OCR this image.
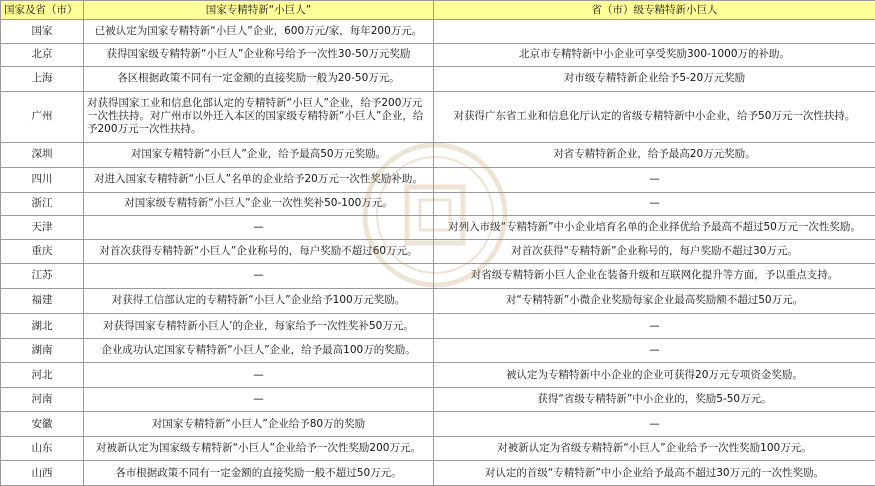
国家及省（市）	国家专精特新“小巨人”	省（市）级专精特新小巨人
国家	已被认定为国家专精特新“小巨人”企业，600万元/家，每年200万元。	
北京	获得国家级专精特新“小巨人”企业称号给予一次性30-50万元奖励	北京市专精特新中小企业可享受奖励300-1000万的补助。
上海	各区根据政策不同有一定金额的直接奖励一般为20-50万元。	对市级专精特新企业给予5-20万元奖励
广州	对获得国家工业和信息化部认定的专精特新“小巨人”企业，给予200万元一次性扶持。对广州市以外迁入本区的国家级专精特新“小巨人”企业，给予200万元一次性扶持。	对获得广东省工业和信息化厅认定的省级专精特新中小企业，给予50万元一次性扶持。
深圳	对国家专精特新“小巨人”企业，给予最高50万元奖励。	对省专精特新企业，给予最高20万元奖励。
四川	对进入国家专精特新“小巨人”名单的企业给予20万元一次性奖励补助。	—
浙江	对国家级专精特新“小巨人”企业一次性奖补50-100万元。	—
天津	—	对列入市级“专精特新”中小企业培育名单的企业择优给予最高不超过50万元一次性奖励。
重庆	对首次获得专精特新“小巨人”企业称号的，每户奖励不超过60万元。	对首次获得“专精特新”企业称号的，每户奖励不超过30万元。
江苏	—	对省级专精特新小巨人企业在装备升级和互联网化提升等方面，予以重点支持。
福建	对获得工信部认定的专精特新“小巨人”企业给予100万元奖励。	对“专精特新”小微企业奖励每家企业最高奖励额不超过50万元。
湖北	对获得国家专精特新小巨人’的企业，每家给予一次性奖补50万元。	—
湖南	企业成功认定国家专精特新“小巨人”企业，给予最高100万的奖励。	—
河北	—	被认定为专精特新中小企业的企业可获得20万元专项资金奖励。
河南	—	获得“省级专精特新”中小企业的，奖励5-50万元。
安徽	对国家专精特新“小巨人”企业给予80万的奖励	—
山东	对被新认定为国家级专精特新“小巨人”企业给予一次性奖励200万元。	对被新认定为省级专精特新“小巨人”企业给予一次性奖励100万元。
山西	各市根据政策不同有一定金额的直接奖励一般不超过50万元。	对认定的首级“专精特新”中小企业给予最高不超过30万元的一次性奖励。
